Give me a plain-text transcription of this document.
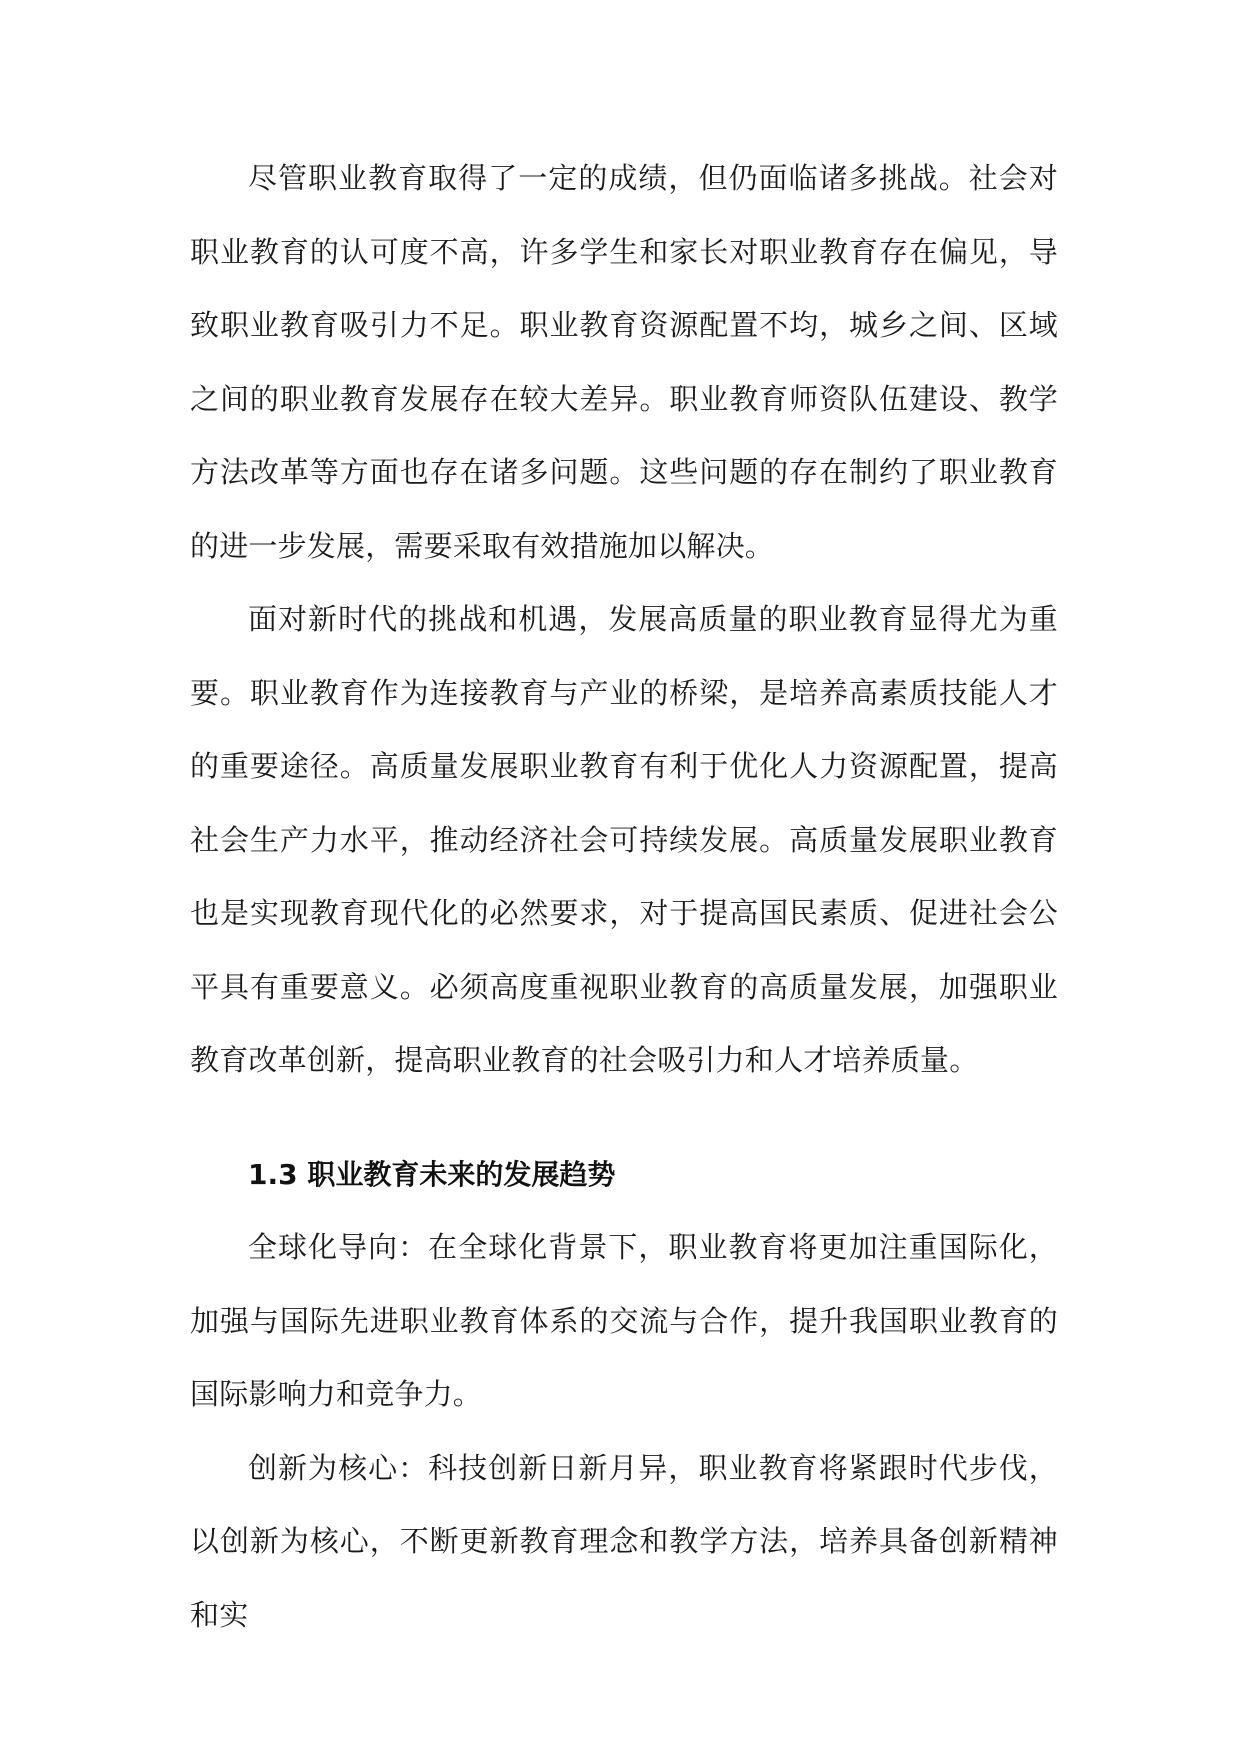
尽管职业教育取得了一定的成绩，但仍面临诸多挑战。社会对职业教育的认可度不高，许多学生和家长对职业教育存在偏见，导致职业教育吸引力不足。职业教育资源配置不均，城乡之间、区域之间的职业教育发展存在较大差异。职业教育师资队伍建设、教学方法改革等方面也存在诸多问题。这些问题的存在制约了职业教育的进一步发展，需要采取有效措施加以解决。

面对新时代的挑战和机遇，发展高质量的职业教育显得尤为重要。职业教育作为连接教育与产业的桥梁，是培养高素质技能人才的重要途径。高质量发展职业教育有利于优化人力资源配置，提高社会生产力水平，推动经济社会可持续发展。高质量发展职业教育也是实现教育现代化的必然要求，对于提高国民素质、促进社会公平具有重要意义。必须高度重视职业教育的高质量发展，加强职业教育改革创新，提高职业教育的社会吸引力和人才培养质量。

1.3 职业教育未来的发展趋势

全球化导向：在全球化背景下，职业教育将更加注重国际化，加强与国际先进职业教育体系的交流与合作，提升我国职业教育的国际影响力和竞争力。

创新为核心：科技创新日新月异，职业教育将紧跟时代步伐，以创新为核心，不断更新教育理念和教学方法，培养具备创新精神和实
